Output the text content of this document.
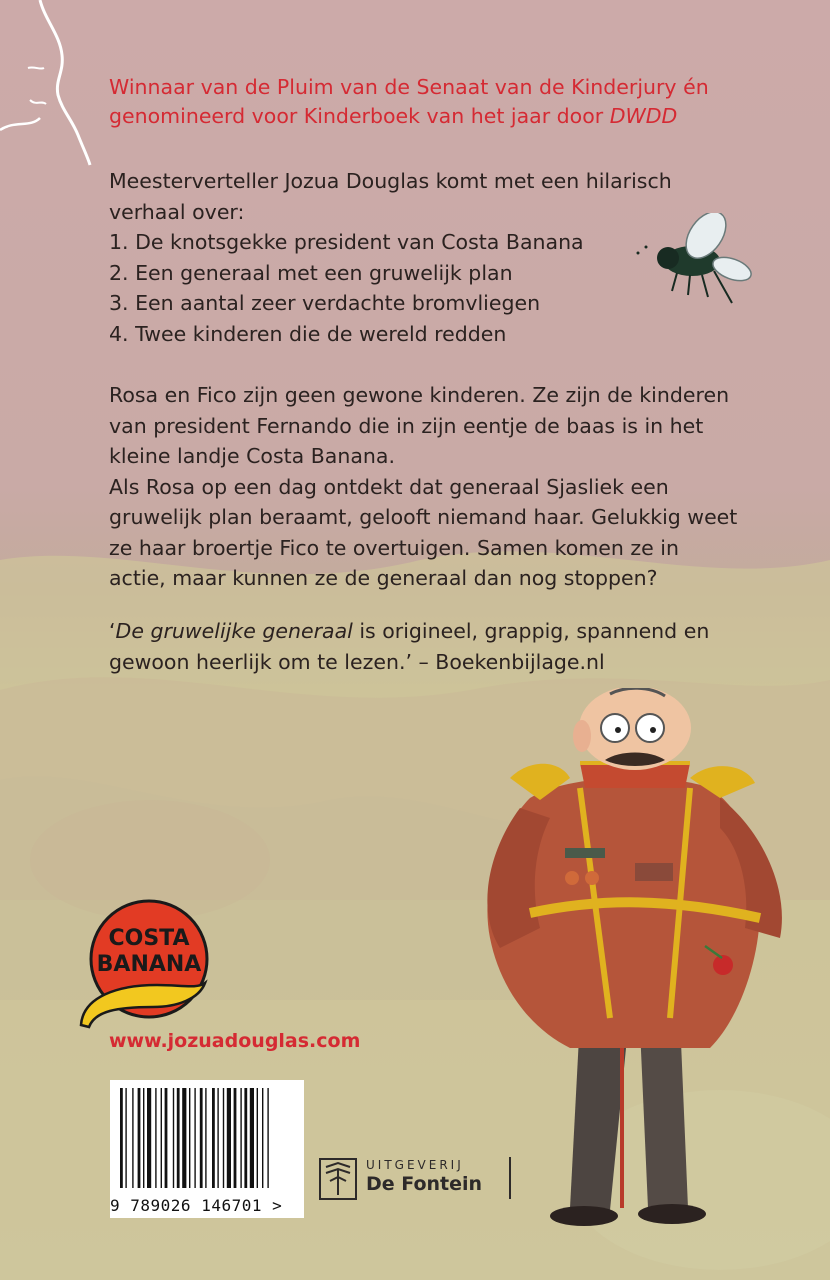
Winnaar van de Pluim van de Senaat van de Kinderjury én
genomineerd voor Kinderboek van het jaar door DWDD
Meesterverteller Jozua Douglas komt met een hilarisch verhaal over:
1. De knotsgekke president van Costa Banana
2. Een generaal met een gruwelijk plan
3. Een aantal zeer verdachte bromvliegen
4. Twee kinderen die de wereld redden
Rosa en Fico zijn geen gewone kinderen. Ze zijn de kinderen van president Fernando die in zijn eentje de baas is in het kleine landje Costa Banana.
Als Rosa op een dag ontdekt dat generaal Sjasliek een gruwelijk plan beraamt, gelooft niemand haar. Gelukkig weet ze haar broertje Fico te overtuigen. Samen komen ze in actie, maar kunnen ze de generaal dan nog stoppen?
‘De gruwelijke generaal is origineel, grappig, spannend en gewoon heerlijk om te lezen.’ – Boekenbijlage.nl
COSTA
BANANA
www.jozuadouglas.com
9 789026 146701 >
UITGEVERIJ
De Fontein
